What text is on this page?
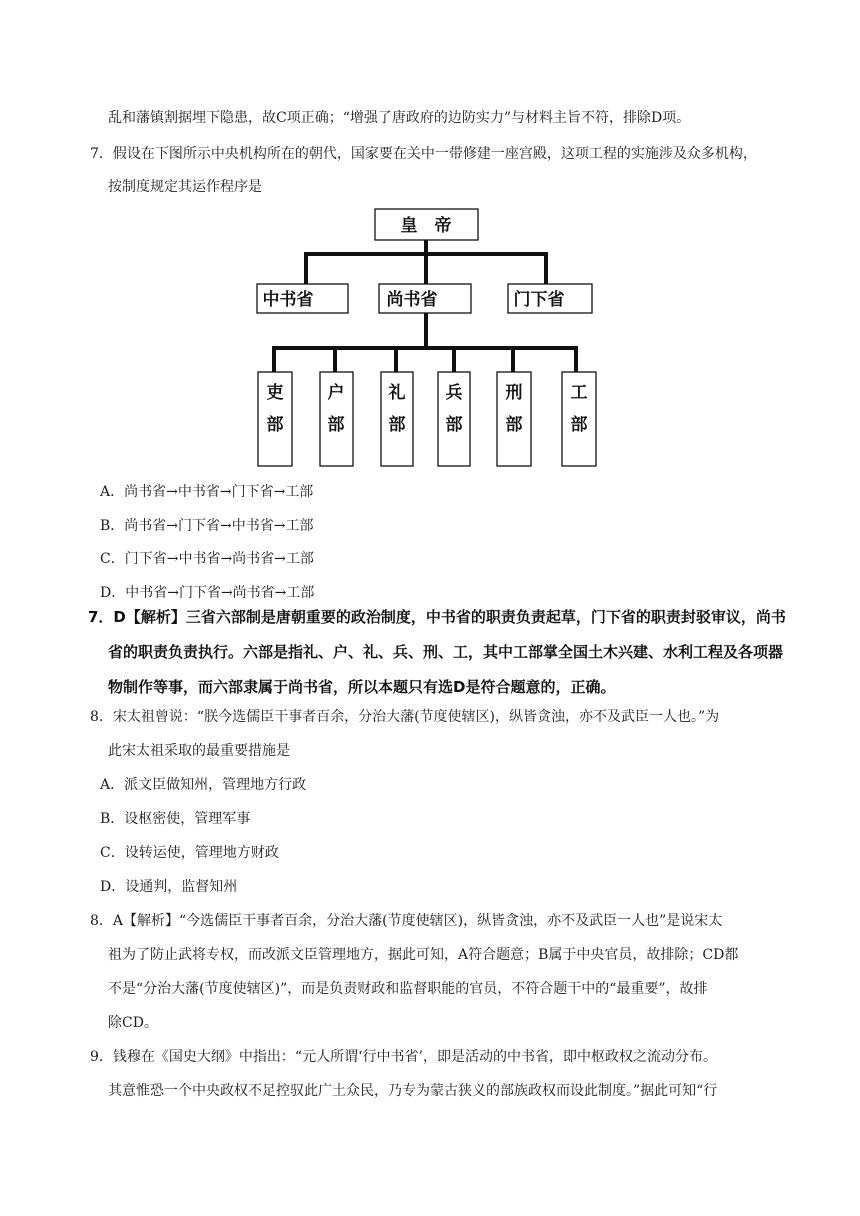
乱和藩镇割据埋下隐患，故C项正确；“增强了唐政府的边防实力”与材料主旨不符，排除D项。
7．假设在下图所示中央机构所在的朝代，国家要在关中一带修建一座宫殿，这项工程的实施涉及众多机构，
按制度规定其运作程序是
皇　帝
中书省	尚书省	门下省
吏
部
户
部
礼
部
兵
部
刑
部
工
部
A．尚书省→中书省→门下省→工部
B．尚书省→门下省→中书省→工部
C．门下省→中书省→尚书省→工部
D．中书省→门下省→尚书省→工部
7．D【解析】三省六部制是唐朝重要的政治制度，中书省的职责负责起草，门下省的职责封驳审议，尚书
省的职责负责执行。六部是指礼、户、礼、兵、刑、工，其中工部掌全国土木兴建、水利工程及各项器
物制作等事，而六部隶属于尚书省，所以本题只有选D是符合题意的，正确。
8．宋太祖曾说：“朕今选儒臣干事者百余，分治大藩(节度使辖区)，纵皆贪浊，亦不及武臣一人也。”为
此宋太祖采取的最重要措施是
A．派文臣做知州，管理地方行政
B．设枢密使，管理军事
C．设转运使，管理地方财政
D．设通判，监督知州
8．A【解析】“今选儒臣干事者百余，分治大藩(节度使辖区)，纵皆贪浊，亦不及武臣一人也”是说宋太
祖为了防止武将专权，而改派文臣管理地方，据此可知，A符合题意；B属于中央官员，故排除；CD都
不是“分治大藩(节度使辖区)”，而是负责财政和监督职能的官员，不符合题干中的“最重要”，故排
除CD。
9．钱穆在《国史大纲》中指出：“元人所谓‘行中书省’，即是活动的中书省，即中枢政权之流动分布。
其意惟恐一个中央政权不足控驭此广土众民，乃专为蒙古狭义的部族政权而设此制度。”据此可知“行
